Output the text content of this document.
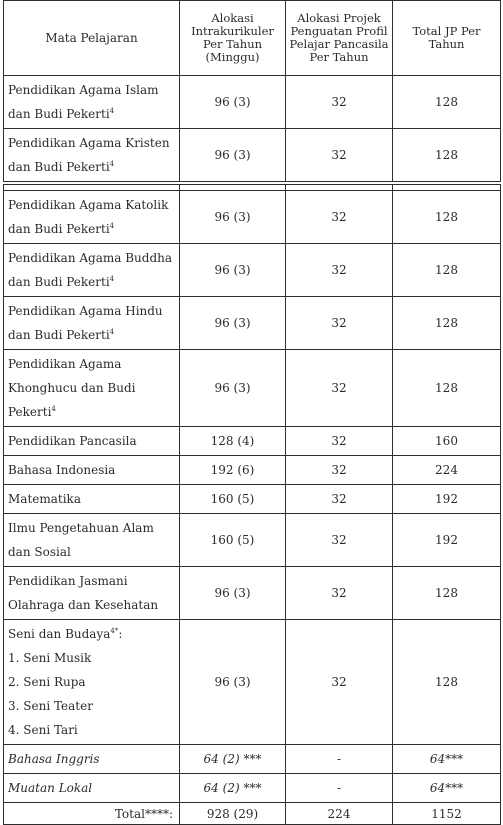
Mata Pelajaran	Alokasi Intrakurikuler Per Tahun (Minggu)	Alokasi Projek Penguatan Profil Pelajar Pancasila Per Tahun	Total JP Per Tahun
Pendidikan Agama Islam dan Budi Pekerti$^4$	96 (3)	32	128
Pendidikan Agama Kristen dan Budi Pekerti$^4$	96 (3)	32	128

Pendidikan Agama Katolik dan Budi Pekerti$^4$	96 (3)	32	128
Pendidikan Agama Buddha dan Budi Pekerti$^4$	96 (3)	32	128
Pendidikan Agama Hindu dan Budi Pekerti$^4$	96 (3)	32	128
Pendidikan Agama Khonghucu dan Budi Pekerti$^4$	96 (3)	32	128
Pendidikan Pancasila	128 (4)	32	160
Bahasa Indonesia	192 (6)	32	224
Matematika	160 (5)	32	192
Ilmu Pengetahuan Alam dan Sosial	160 (5)	32	192
Pendidikan Jasmani Olahraga dan Kesehatan	96 (3)	32	128
Seni dan Budaya$^{4*}$:
1. Seni Musik
2. Seni Rupa
3. Seni Teater
4. Seni Tari	96 (3)	32	128
Bahasa Inggris	64 (2) ***	-	64***
Muatan Lokal	64 (2) ***	-	64***
Total****:	928 (29)	224	1152
